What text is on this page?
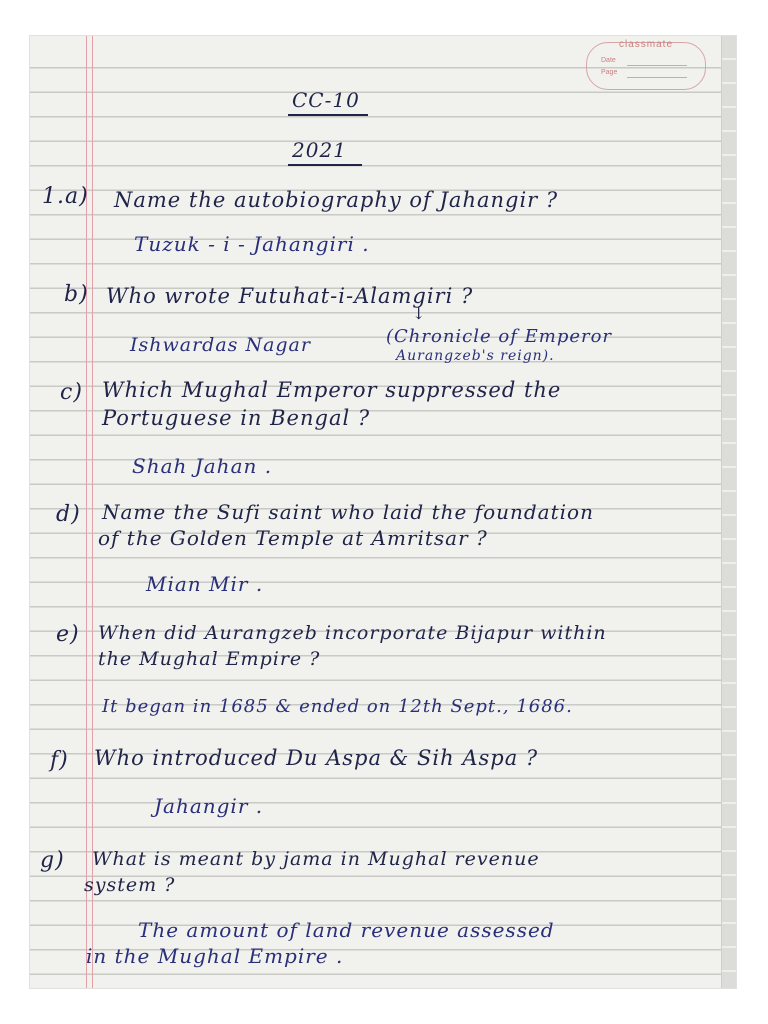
classmate
Date
Page
CC-10
2021
1.a) Name the autobiography of Jahangir ?
Tuzuk - i - Jahangiri .
b) Who wrote Futuhat-i-Alamgiri ?
↓
Ishwardas Nagar	(Chronicle of Emperor
Aurangzeb's reign).
c) Which Mughal Emperor suppressed the
Portuguese in Bengal ?
Shah Jahan .
d) Name the Sufi saint who laid the foundation
of the Golden Temple at Amritsar ?
Mian Mir .
e) When did Aurangzeb incorporate Bijapur within
the Mughal Empire ?
It began in 1685 & ended on 12th Sept., 1686.
f) Who introduced Du Aspa & Sih Aspa ?
Jahangir .
g) What is meant by jama in Mughal revenue
system ?
The amount of land revenue assessed
in the Mughal Empire .
